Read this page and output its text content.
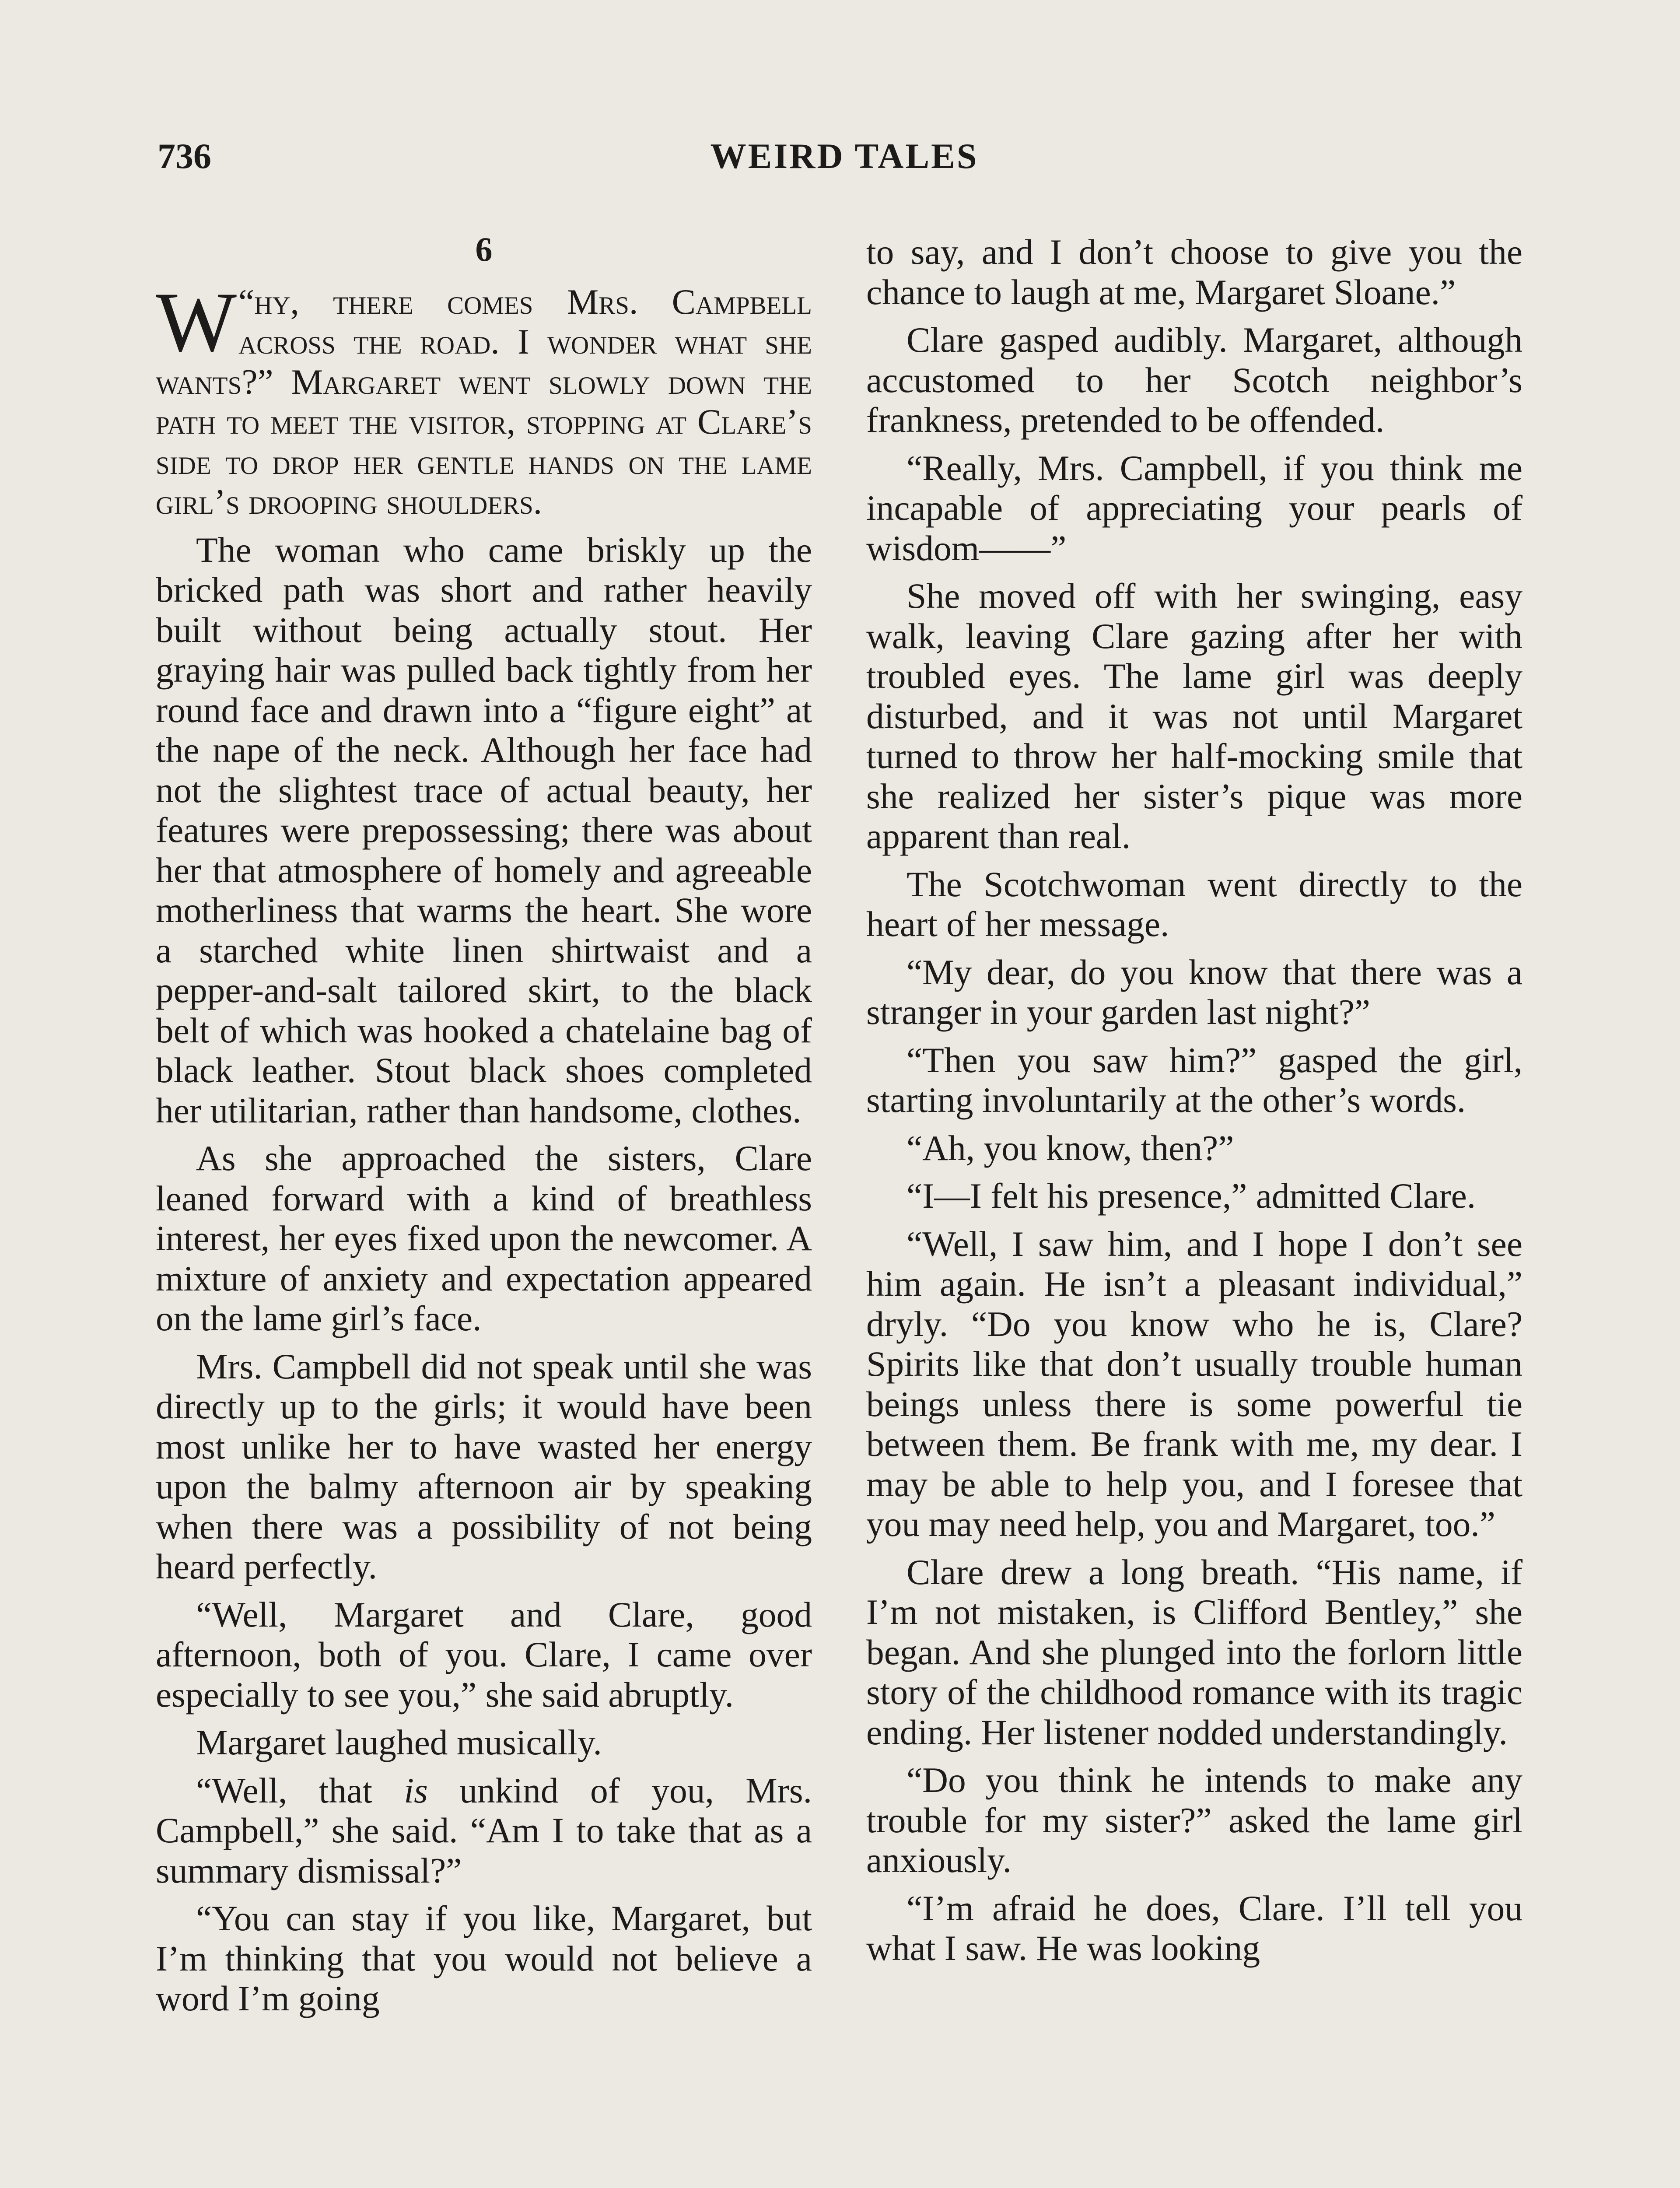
736	WEIRD TALES
6

“
W hy, there comes Mrs. Campbell across the road. I wonder what she wants?” Margaret went slowly down the path to meet the visitor, stopping at Clare’s side to drop her gentle hands on the lame girl’s drooping shoulders.

The woman who came briskly up the bricked path was short and rather heavily built without being actually stout. Her graying hair was pulled back tightly from her round face and drawn into a “figure eight” at the nape of the neck. Although her face had not the slightest trace of actual beauty, her features were prepossessing; there was about her that atmosphere of homely and agreeable motherliness that warms the heart. She wore a starched white linen shirtwaist and a pepper-and-salt tailored skirt, to the black belt of which was hooked a chatelaine bag of black leather. Stout black shoes completed her utilitarian, rather than handsome, clothes.

As she approached the sisters, Clare leaned forward with a kind of breathless interest, her eyes fixed upon the newcomer. A mixture of anxiety and expectation appeared on the lame girl’s face.

Mrs. Campbell did not speak until she was directly up to the girls; it would have been most unlike her to have wasted her energy upon the balmy afternoon air by speaking when there was a possibility of not being heard perfectly.

“Well, Margaret and Clare, good afternoon, both of you. Clare, I came over especially to see you,” she said abruptly.

Margaret laughed musically.

“Well, that is unkind of you, Mrs. Campbell,” she said. “Am I to take that as a summary dismissal?”

“You can stay if you like, Margaret, but I’m thinking that you would not believe a word I’m going

to say, and I don’t choose to give you the chance to laugh at me, Margaret Sloane.”

Clare gasped audibly. Margaret, although accustomed to her Scotch neighbor’s frankness, pretended to be offended.

“Really, Mrs. Campbell, if you think me incapable of appreciating your pearls of wisdom——”

She moved off with her swinging, easy walk, leaving Clare gazing after her with troubled eyes. The lame girl was deeply disturbed, and it was not until Margaret turned to throw her half-mocking smile that she realized her sister’s pique was more apparent than real.

The Scotchwoman went directly to the heart of her message.

“My dear, do you know that there was a stranger in your garden last night?”

“Then you saw him?” gasped the girl, starting involuntarily at the other’s words.

“Ah, you know, then?”

“I—I felt his presence,” admitted Clare.

“Well, I saw him, and I hope I don’t see him again. He isn’t a pleasant individual,” dryly. “Do you know who he is, Clare? Spirits like that don’t usually trouble human beings unless there is some powerful tie between them. Be frank with me, my dear. I may be able to help you, and I foresee that you may need help, you and Margaret, too.”

Clare drew a long breath. “His name, if I’m not mistaken, is Clifford Bentley,” she began. And she plunged into the forlorn little story of the childhood romance with its tragic ending. Her listener nodded understandingly.

“Do you think he intends to make any trouble for my sister?” asked the lame girl anxiously.

“I’m afraid he does, Clare. I’ll tell you what I saw. He was looking
